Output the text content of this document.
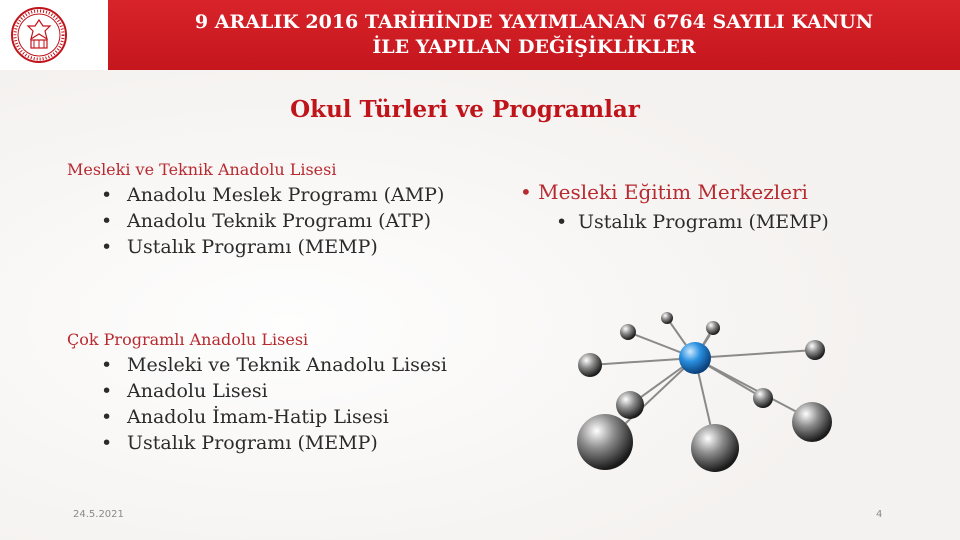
9 ARALIK 2016 TARİHİNDE YAYIMLANAN 6764 SAYILI KANUN
İLE YAPILAN DEĞİŞİKLİKLER
Okul Türleri ve Programlar
Mesleki ve Teknik Anadolu Lisesi
• Anadolu Meslek Programı (AMP)
• Anadolu Teknik Programı (ATP)
• Ustalık Programı (MEMP)
• Mesleki Eğitim Merkezleri
• Ustalık Programı (MEMP)
Çok Programlı Anadolu Lisesi
• Mesleki ve Teknik Anadolu Lisesi
• Anadolu Lisesi
• Anadolu İmam-Hatip Lisesi
• Ustalık Programı (MEMP)
24.5.2021	4
